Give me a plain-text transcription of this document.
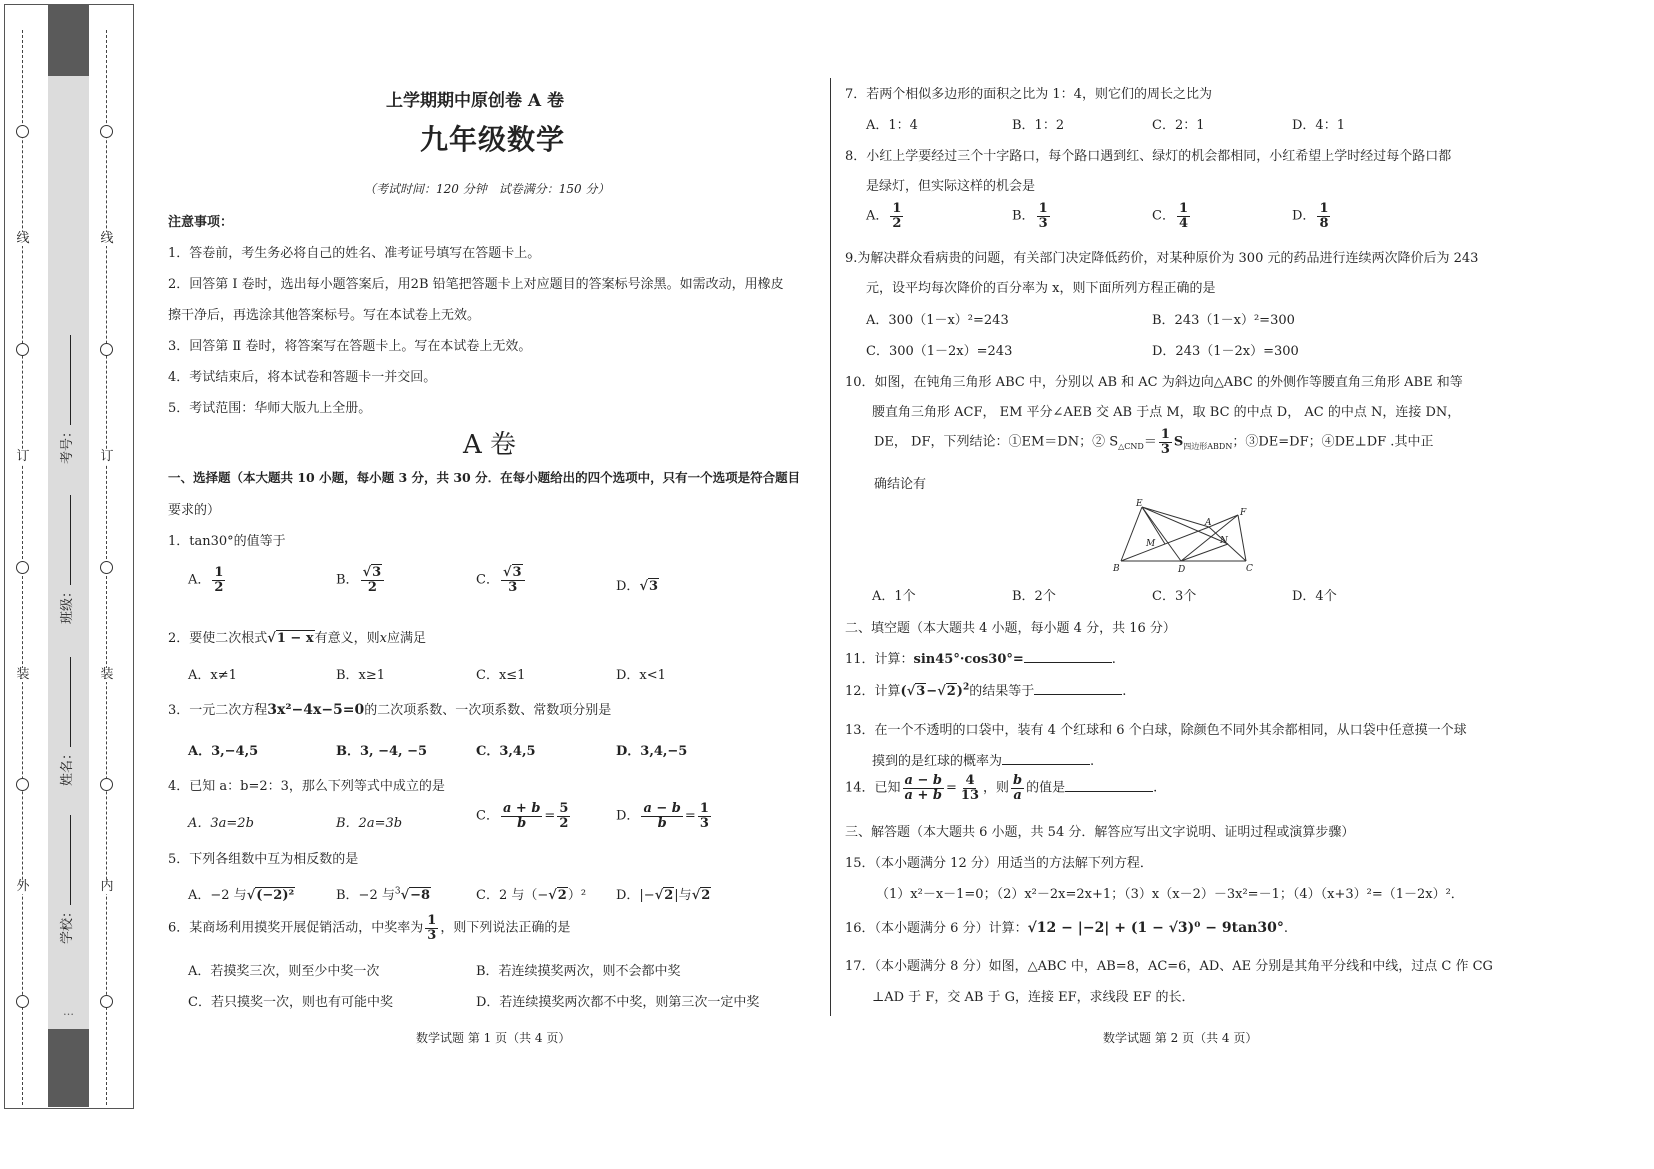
外
装
订
线
内
装
订
线
学校：
姓名：
班级：
考号：
…
上学期期中原创卷 A 卷
九年级数学
（考试时间：120 分钟　试卷满分：150 分）
注意事项：
1．答卷前，考生务必将自己的姓名、准考证号填写在答题卡上。
2．回答第 Ⅰ 卷时，选出每小题答案后，用2B 铅笔把答题卡上对应题目的答案标号涂黑。如需改动，用橡皮
擦干净后，再选涂其他答案标号。写在本试卷上无效。
3．回答第 Ⅱ 卷时，将答案写在答题卡上。写在本试卷上无效。
4．考试结束后，将本试卷和答题卡一并交回。
5．考试范围：华师大版九上全册。
A 卷
一、选择题（本大题共 10 小题，每小题 3 分，共 30 分．在每小题给出的四个选项中，只有一个选项是符合题目
要求的）
1．tan30°的值等于
A． $\frac{1}{2}$	B． $\frac{√3}{2}$	C． $\frac{√3}{3}$	D．√3
2．要使二次根式√1 − x有意义，则x应满足
A．x≠1	B．x≥1	C．x≤1	D．x<1
3．一元二次方程3x²−4x−5=0的二次项系数、一次项系数、常数项分别是
A．3,−4,5	B．3, −4, −5	C．3,4,5	D．3,4,−5
4．已知 a：b=2：3，那么下列等式中成立的是
A．3a=2b	B．2a=3b	C． $\frac{a + b}{b} = \frac{5}{2}$	D． $\frac{a - b}{b} = \frac{1}{3}$
5．下列各组数中互为相反数的是
A．−2 与√(−2)²	B．−2 与$^3$√−8	C．2 与（−√2）² D．|−√2|与√2
6．某商场利用摸奖开展促销活动，中奖率为 $\frac{1}{3}$ ，则下列说法正确的是
A．若摸奖三次，则至少中奖一次	B．若连续摸奖两次，则不会都中奖
C．若只摸奖一次，则也有可能中奖	D．若连续摸奖两次都不中奖，则第三次一定中奖
数学试题 第 1 页（共 4 页）
7．若两个相似多边形的面积之比为 1：4，则它们的周长之比为
A．1：4	B．1：2	C．2：1	D．4：1
8．小红上学要经过三个十字路口，每个路口遇到红、绿灯的机会都相同，小红希望上学时经过每个路口都
是绿灯，但实际这样的机会是
A． $\frac{1}{2}$	B． $\frac{1}{3}$	C． $\frac{1}{4}$	D． $\frac{1}{8}$
9.为解决群众看病贵的问题，有关部门决定降低药价，对某种原价为 300 元的药品进行连续两次降价后为 243
元，设平均每次降价的百分率为 x，则下面所列方程正确的是
A．300（1－x）²=243	B．243（1－x）²=300
C．300（1－2x）=243	D．243（1－2x）=300
10．如图，在钝角三角形 ABC 中，分别以 AB 和 AC 为斜边向△ABC 的外侧作等腰直角三角形 ABE 和等
腰直角三角形 ACF， EM 平分∠AEB 交 AB 于点 M，取 BC 的中点 D， AC 的中点 N，连接 DN，
DE， DF，下列结论：①EM＝DN；② $S_{\triangle CND}= \frac{1}{3} S_{四边形ABDN}$；③DE=DF；④DE⊥DF .其中正
确结论有
E
A
F
M	N
B	D	C
A．1个	B．2个	C．3个	D．4个
二、填空题（本大题共 4 小题，每小题 4 分，共 16 分）
11．计算：sin45°·cos30°=	.
12．计算$(√3-√2)^2$的结果等于	.
13．在一个不透明的口袋中，装有 4 个红球和 6 个白球，除颜色不同外其余都相同，从口袋中任意摸一个球
摸到的是红球的概率为	.
14．已知 $\frac{a - b}{a + b} = \frac{4}{13}$ ，则 $\frac{b}{a}$ 的值是	.
三、解答题（本大题共 6 小题，共 54 分．解答应写出文字说明、证明过程或演算步骤）
15．（本小题满分 12 分）用适当的方法解下列方程．
（1）x²－x－1=0；（2）x²－2x=2x+1；（3）x（x－2）－3x²=－1；（4）（x+3）²=（1－2x）²．
16．（本小题满分 6 分）计算：√12 − |−2| + (1 − √3)⁰ − 9tan30°.
17．（本小题满分 8 分）如图，△ABC 中，AB=8，AC=6，AD、AE 分别是其角平分线和中线，过点 C 作 CG
⊥AD 于 F，交 AB 于 G，连接 EF，求线段 EF 的长．
数学试题 第 2 页（共 4 页）
